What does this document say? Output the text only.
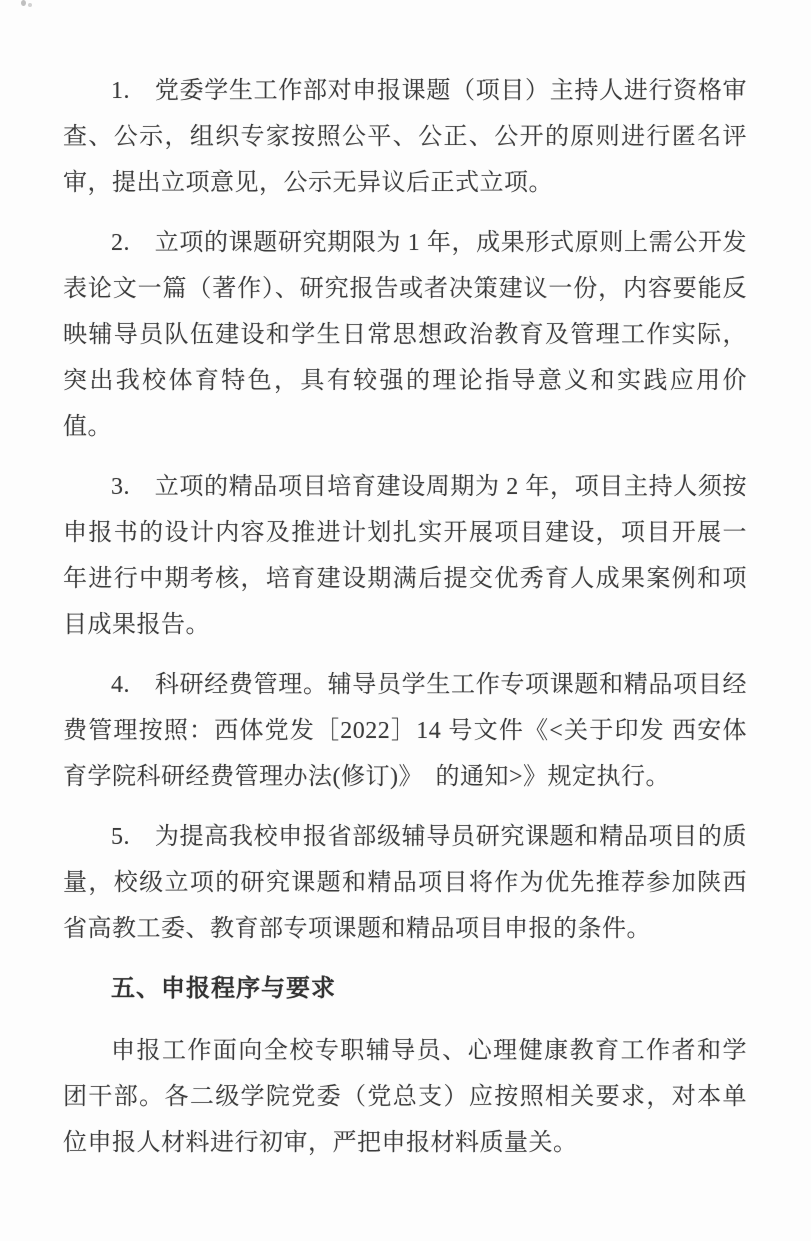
1.　党委学生工作部对申报课题（项目）主持人进行资格审查、公示，组织专家按照公平、公正、公开的原则进行匿名评审，提出立项意见，公示无异议后正式立项。

2.　立项的课题研究期限为 1 年，成果形式原则上需公开发表论文一篇（著作）、研究报告或者决策建议一份，内容要能反映辅导员队伍建设和学生日常思想政治教育及管理工作实际，突出我校体育特色，具有较强的理论指导意义和实践应用价值。

3.　立项的精品项目培育建设周期为 2 年，项目主持人须按申报书的设计内容及推进计划扎实开展项目建设，项目开展一年进行中期考核，培育建设期满后提交优秀育人成果案例和项目成果报告。

4.　科研经费管理。辅导员学生工作专项课题和精品项目经费管理按照：西体党发［2022］14 号文件《<关于印发 西安体育学院科研经费管理办法(修订)》　的通知>》规定执行。

5.　为提高我校申报省部级辅导员研究课题和精品项目的质量，校级立项的研究课题和精品项目将作为优先推荐参加陕西省高教工委、教育部专项课题和精品项目申报的条件。

五、申报程序与要求

申报工作面向全校专职辅导员、心理健康教育工作者和学团干部。各二级学院党委（党总支）应按照相关要求，对本单位申报人材料进行初审，严把申报材料质量关。
